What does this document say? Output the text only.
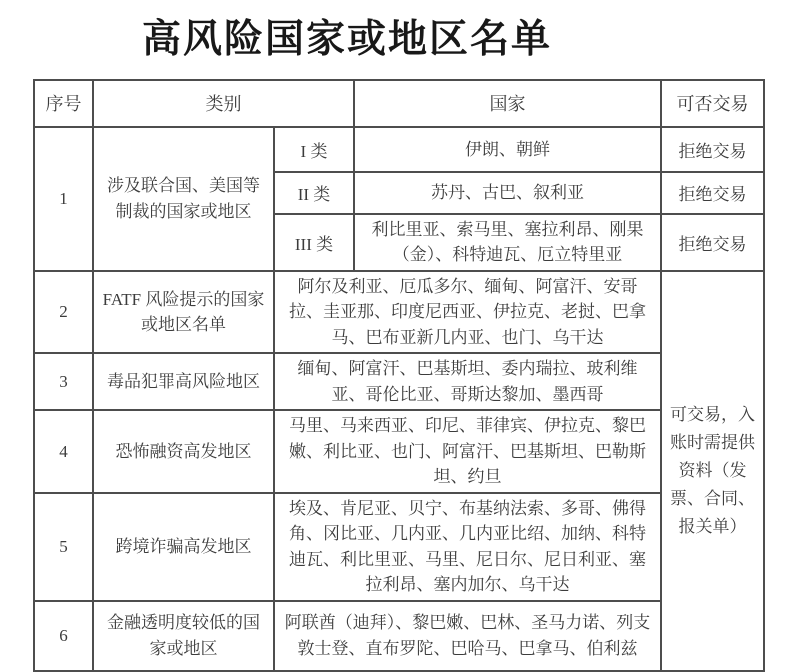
高风险国家或地区名单
序号	类别		国家	可否交易
1	涉及联合国、美国等制裁的国家或地区	I 类	伊朗、朝鲜	拒绝交易
		II 类	苏丹、古巴、叙利亚	拒绝交易
		III 类	利比里亚、索马里、塞拉利昂、刚果（金）、科特迪瓦、厄立特里亚	拒绝交易
2	FATF 风险提示的国家或地区名单	阿尔及利亚、厄瓜多尔、缅甸、阿富汗、安哥拉、圭亚那、印度尼西亚、伊拉克、老挝、巴拿马、巴布亚新几内亚、也门、乌干达		可交易，入账时需提供资料（发票、合同、报关单）
3	毒品犯罪高风险地区	缅甸、阿富汗、巴基斯坦、委内瑞拉、玻利维亚、哥伦比亚、哥斯达黎加、墨西哥		
4	恐怖融资高发地区	马里、马来西亚、印尼、菲律宾、伊拉克、黎巴嫩、利比亚、也门、阿富汗、巴基斯坦、巴勒斯坦、约旦		
5	跨境诈骗高发地区	埃及、肯尼亚、贝宁、布基纳法索、多哥、佛得角、冈比亚、几内亚、几内亚比绍、加纳、科特迪瓦、利比里亚、马里、尼日尔、尼日利亚、塞拉利昂、塞内加尔、乌干达		
6	金融透明度较低的国家或地区	阿联酋（迪拜）、黎巴嫩、巴林、圣马力诺、列支敦士登、直布罗陀、巴哈马、巴拿马、伯利兹		
